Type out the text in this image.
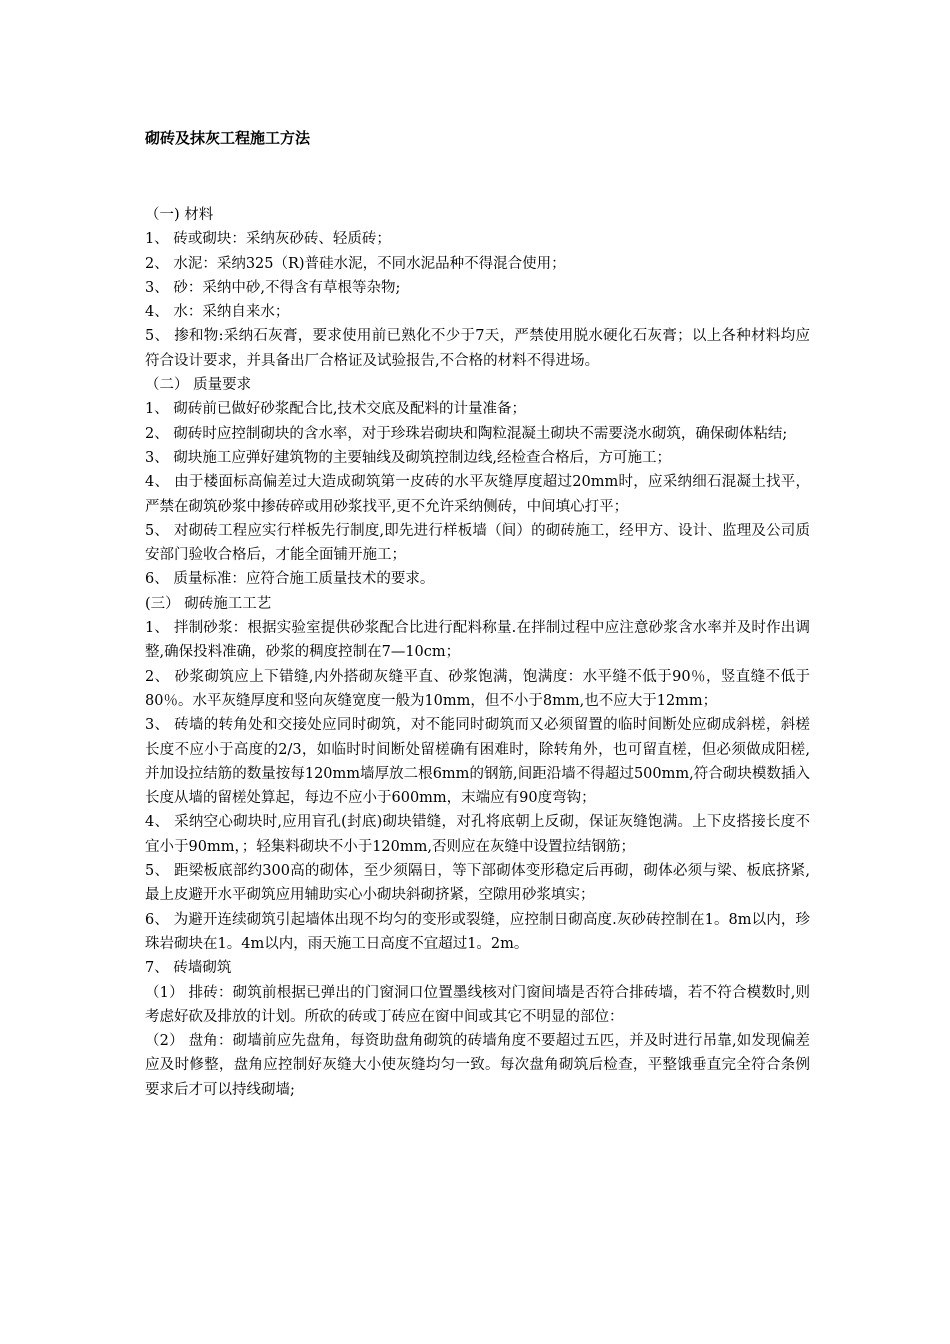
砌砖及抹灰工程施工方法

（一) 材料

1、 砖或砌块：采纳灰砂砖、轻质砖；

2、 水泥：采纳325（R)普硅水泥，不同水泥品种不得混合使用；

3、 砂：采纳中砂,不得含有草根等杂物;

4、 水：采纳自来水；

5、 掺和物:采纳石灰膏，要求使用前已熟化不少于7天，严禁使用脱水硬化石灰膏；以上各种材料均应符合设计要求，并具备出厂合格证及试验报告,不合格的材料不得进场。

（二） 质量要求

1、 砌砖前已做好砂浆配合比,技术交底及配料的计量准备；

2、 砌砖时应控制砌块的含水率，对于珍珠岩砌块和陶粒混凝土砌块不需要浇水砌筑，确保砌体粘结;

3、 砌块施工应弹好建筑物的主要轴线及砌筑控制边线,经检查合格后，方可施工；

4、 由于楼面标高偏差过大造成砌筑第一皮砖的水平灰缝厚度超过20mm时，应采纳细石混凝土找平，严禁在砌筑砂浆中掺砖碎或用砂浆找平,更不允许采纳侧砖，中间填心打平；

5、 对砌砖工程应实行样板先行制度,即先进行样板墙（间）的砌砖施工，经甲方、设计、监理及公司质安部门验收合格后，才能全面铺开施工；

6、 质量标准：应符合施工质量技术的要求。

(三） 砌砖施工工艺

1、 拌制砂浆：根据实验室提供砂浆配合比进行配料称量.在拌制过程中应注意砂浆含水率并及时作出调整,确保投料准确，砂浆的稠度控制在7—10cm；

2、 砂浆砌筑应上下错缝,内外搭砌灰缝平直、砂浆饱满，饱满度：水平缝不低于90％，竖直缝不低于80％。水平灰缝厚度和竖向灰缝宽度一般为10mm，但不小于8mm,也不应大于12mm；

3、 砖墙的转角处和交接处应同时砌筑，对不能同时砌筑而又必须留置的临时间断处应砌成斜槎，斜槎长度不应小于高度的2/3，如临时时间断处留槎确有困难时，除转角外，也可留直槎，但必须做成阳槎,并加设拉结筋的数量按每120mm墙厚放二根6mm的钢筋,间距沿墙不得超过500mm,符合砌块模数插入长度从墙的留槎处算起，每边不应小于600mm，末端应有90度弯钩；

4、 采纳空心砌块时,应用盲孔(封底)砌块错缝，对孔将底朝上反砌，保证灰缝饱满。上下皮搭接长度不宜小于90mm，；轻集料砌块不小于120mm,否则应在灰缝中设置拉结钢筋；

5、 距梁板底部约300高的砌体，至少须隔日，等下部砌体变形稳定后再砌，砌体必须与梁、板底挤紧,最上皮避开水平砌筑应用辅助实心小砌块斜砌挤紧，空隙用砂浆填实；

6、 为避开连续砌筑引起墙体出现不均匀的变形或裂缝，应控制日砌高度.灰砂砖控制在1。8m以内，珍珠岩砌块在1。4m以内，雨天施工日高度不宜超过1。2m。

7、 砖墙砌筑

（1） 排砖：砌筑前根据已弹出的门窗洞口位置墨线核对门窗间墙是否符合排砖墙，若不符合模数时,则考虑好砍及排放的计划。所砍的砖或丁砖应在窗中间或其它不明显的部位：

（2） 盘角：砌墙前应先盘角，每资助盘角砌筑的砖墙角度不要超过五匹，并及时进行吊靠,如发现偏差应及时修整，盘角应控制好灰缝大小使灰缝均匀一致。每次盘角砌筑后检查，平整饿垂直完全符合条例要求后才可以持线砌墙;
